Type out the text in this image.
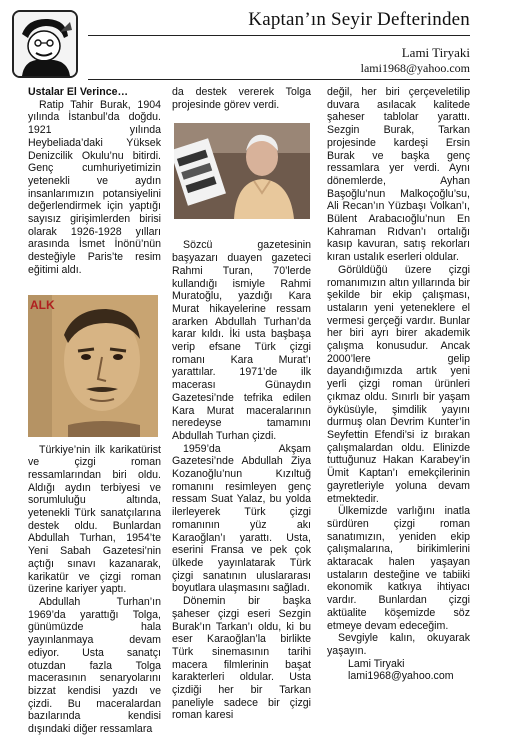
Kaptan’ın Seyir Defterinden
Lami Tiryaki
lami1968@yahoo.com

Ustalar El Verince…

Ratip Tahir Burak, 1904 yılında İstanbul’da doğdu. 1921 yılında Heybeliada’daki Yüksek Denizcilik Okulu’nu bitirdi. Genç cumhuriyetimizin yetenekli ve aydın insanlarımızın potansiyelini değerlendirmek için yaptığı sayısız girişimlerden birisi olarak 1926-1928 yılları arasında İsmet İnönü’nün desteğiyle Paris’te resim eğitimi aldı.

ALK

Türkiye’nin ilk karikatürist ve çizgi roman ressamlarından biri oldu. Aldığı aydın terbiyesi ve sorumluluğu altında, yetenekli Türk sanatçılarına destek oldu. Bunlardan Abdullah Turhan, 1954’te Yeni Sabah Gazetesi’nin açtığı sınavı kazanarak, karikatür ve çizgi roman üzerine kariyer yaptı.

Abdullah Turhan’ın 1969’da yarattığı Tolga, günümüzde hala yayınlanmaya devam ediyor. Usta sanatçı otuzdan fazla Tolga macerasının senaryolarını bizzat kendisi yazdı ve çizdi. Bu maceralardan bazılarında kendisi dışındaki diğer ressamlara

da destek vererek Tolga projesinde görev verdi.

Sözcü gazetesinin başyazarı duayen gazeteci Rahmi Turan, 70’lerde kullandığı ismiyle Rahmi Muratoğlu, yazdığı Kara Murat hikayelerine ressam ararken Abdullah Turhan’da karar kıldı. İki usta başbaşa verip efsane Türk çizgi romanı Kara Murat’ı yarattılar. 1971’de ilk macerası Günaydın Gazetesi’nde tefrika edilen Kara Murat maceralarının neredeyse tamamını Abdullah Turhan çizdi.

1959’da Akşam Gazetesi’nde Abdullah Ziya Kozanoğlu’nun Kızıltuğ romanını resimleyen genç ressam Suat Yalaz, bu yolda ilerleyerek Türk çizgi romanının yüz akı Karaoğlan’ı yarattı. Usta, eserini Fransa ve pek çok ülkede yayınlatarak Türk çizgi sanatının uluslararası boyutlara ulaşmasını sağladı.

Dönemin bir başka şaheser çizgi eseri Sezgin Burak’ın Tarkan’ı oldu, ki bu eser Karaoğlan’la birlikte Türk sinemasının tarihi macera filmlerinin başat karakterleri oldular. Usta çizdiği her bir Tarkan paneliyle sadece bir çizgi roman karesi

değil, her biri çerçeveletilip duvara asılacak kalitede şaheser tablolar yarattı. Sezgin Burak, Tarkan projesinde kardeşi Ersin Burak ve başka genç ressamlara yer verdi. Aynı dönemlerde, Ayhan Başoğlu’nun Malkoçoğlu’su, Ali Recan’ın Yüzbaşı Volkan’ı, Bülent Arabacıoğlu’nun En Kahraman Rıdvan’ı ortalığı kasıp kavuran, satış rekorları kıran ustalık eserleri oldular.

Görüldüğü üzere çizgi romanımızın altın yıllarında bir şekilde bir ekip çalışması, ustaların yeni yeteneklere el vermesi gerçeği vardır. Bunlar her biri ayrı birer akademik çalışma konusudur. Ancak 2000’lere gelip dayandığımızda artık yeni yerli çizgi roman ürünleri çıkmaz oldu. Sınırlı bir yaşam öyküsüyle, şimdilik yayını durmuş olan Devrim Kunter’in Seyfettin Efendi’si iz bırakan çalışmalardan oldu. Elinizde tuttuğunuz Hakan Karabey’in Ümit Kaptan’ı emekçilerinin gayretleriyle yoluna devam etmektedir.

Ülkemizde varlığını inatla sürdüren çizgi roman sanatımızın, yeniden ekip çalışmalarına, birikimlerini aktaracak halen yaşayan ustaların desteğine ve tabiiki ekonomik katkıya ihtiyacı vardır. Bunlardan çizgi aktüalite köşemizde söz etmeye devam edeceğim.

Sevgiyle kalın, okuyarak yaşayın.

Lami Tiryaki

lami1968@yahoo.com
